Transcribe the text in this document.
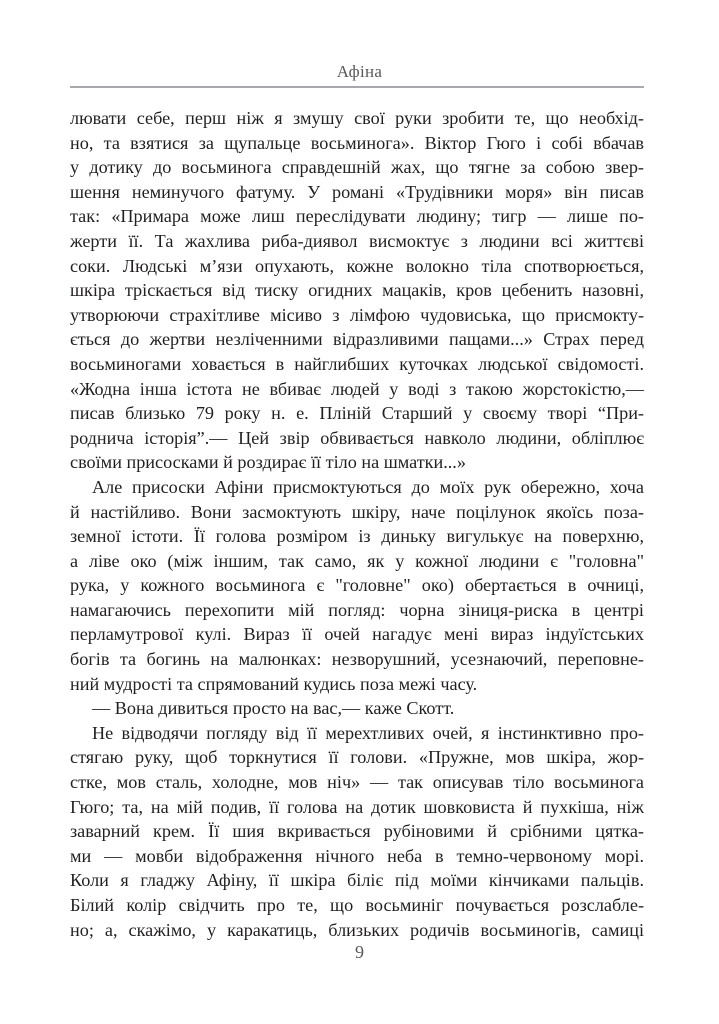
Афіна
лювати себе, перш ніж я змушу свої руки зробити те, що необхід-
но, та взятися за щупальце восьминога». Віктор Гюго і собі вбачав
у дотику до восьминога справдешній жах, що тягне за собою звер-
шення неминучого фатуму. У романі «Трудівники моря» він писав
так: «Примара може лиш переслідувати людину; тигр — лише по-
жерти її. Та жахлива риба-диявол висмоктує з людини всі життєві
соки. Людські м’язи опухають, кожне волокно тіла спотворюється,
шкіра тріскається від тиску огидних мацаків, кров цебенить назовні,
утворюючи страхітливе місиво з лімфою чудовиська, що присмокту-
ється до жертви незліченними відразливими пащами...» Страх перед
восьминогами ховається в найглибших куточках людської свідомості.
«Жодна інша істота не вбиває людей у воді з такою жорстокістю,—
писав близько 79 року н. е. Пліній Старший у своєму творі “При-
роднича історія”.— Цей звір обвивається навколо людини, обліплює
своїми присосками й роздирає її тіло на шматки...»
Але присоски Афіни присмоктуються до моїх рук обережно, хоча
й настійливо. Вони засмоктують шкіру, наче поцілунок якоїсь поза-
земної істоти. Її голова розміром із диньку вигулькує на поверхню,
а ліве око (між іншим, так само, як у кожної людини є "головна"
рука, у кожного восьминога є "головне" око) обертається в очниці,
намагаючись перехопити мій погляд: чорна зіниця-риска в центрі
перламутрової кулі. Вираз її очей нагадує мені вираз індуїстських
богів та богинь на малюнках: незворушний, усезнаючий, переповне-
ний мудрості та спрямований кудись поза межі часу.
— Вона дивиться просто на вас,— каже Скотт.
Не відводячи погляду від її мерехтливих очей, я інстинктивно про-
стягаю руку, щоб торкнутися її голови. «Пружне, мов шкіра, жор-
стке, мов сталь, холодне, мов ніч» — так описував тіло восьминога
Гюго; та, на мій подив, її голова на дотик шовковиста й пухкіша, ніж
заварний крем. Її шия вкривається рубіновими й срібними цятка-
ми — мовби відображення нічного неба в темно-червоному морі.
Коли я гладжу Афіну, її шкіра біліє під моїми кінчиками пальців.
Білий колір свідчить про те, що восьминіг почувається розслабле-
но; а, скажімо, у каракатиць, близьких родичів восьминогів, самиці
9
